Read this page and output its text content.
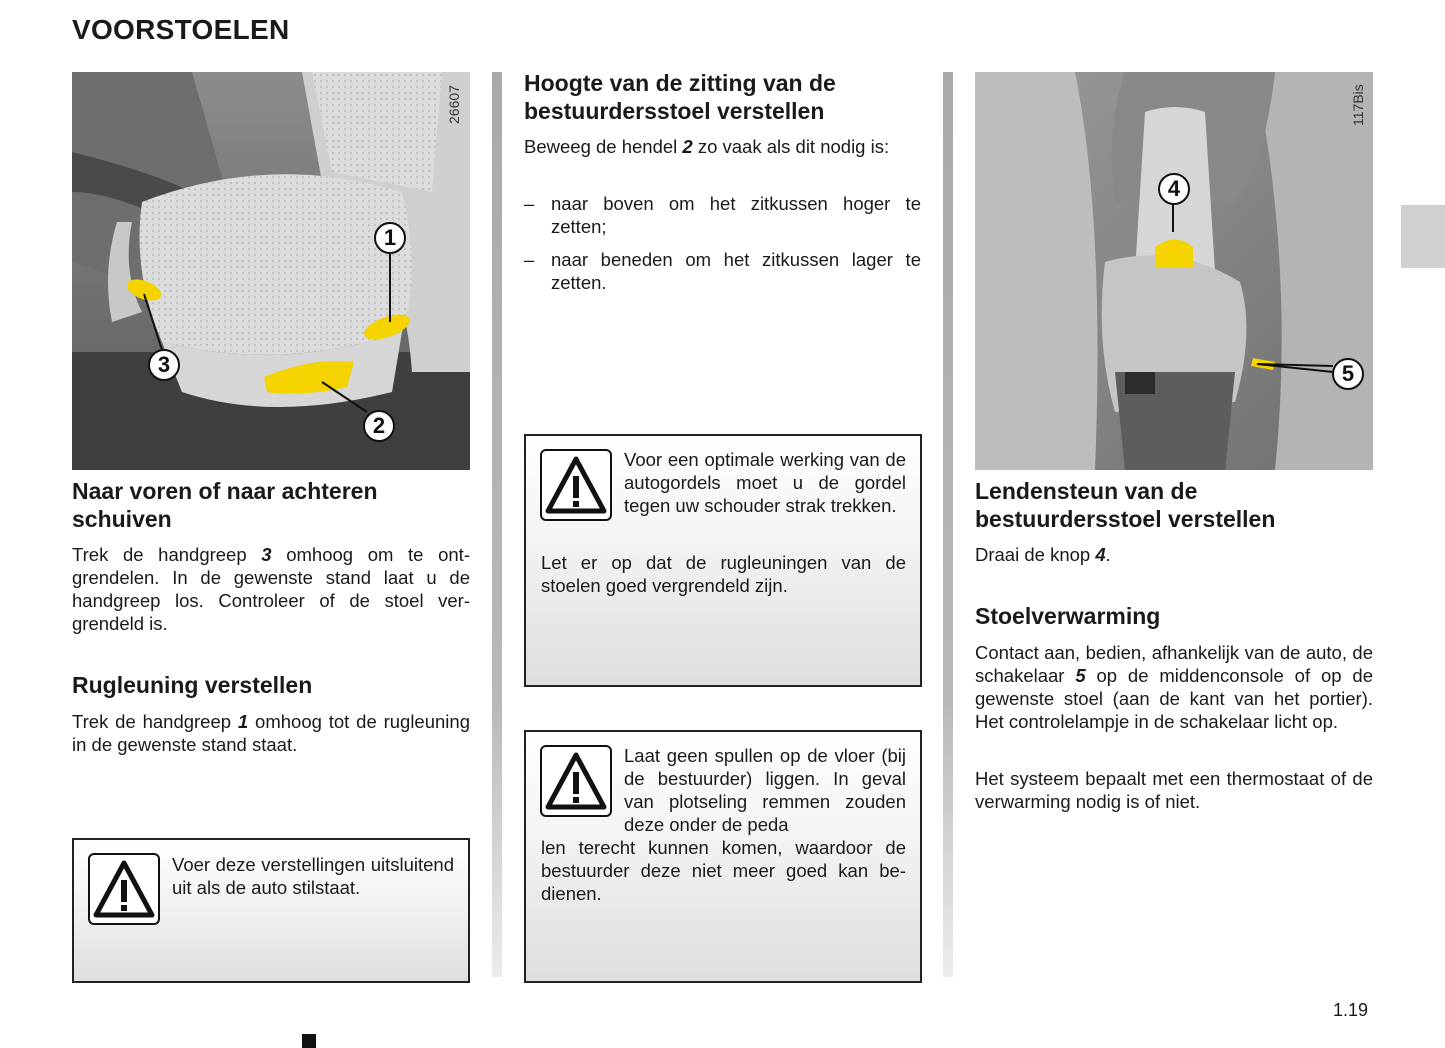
VOORSTOELEN
1
2
3
26607
Naar voren of naar achteren
schuiven
Trek de handgreep 3 omhoog om te ontgrendelen. In de gewenste stand laat u de handgreep los. Controleer of de stoel vergrendeld is.
Rugleuning verstellen
Trek de handgreep 1 omhoog tot de rugleuning in de gewenste stand staat.
Voer deze verstellingen uitsluitend uit als de auto stilstaat.
Hoogte van de zitting van de
bestuurdersstoel verstellen
Beweeg de hendel 2 zo vaak als dit nodig is:
– naar boven om het zitkussen hoger te zetten;
– naar beneden om het zitkussen lager te zetten.
Voor een optimale werking van de autogordels moet u de gordel tegen uw schouder strak trekken.
Let er op dat de rugleuningen van de stoelen goed vergrendeld zijn.
Laat geen spullen op de vloer (bij de bestuurder) liggen. In geval van plotseling remmen zouden deze onder de peda
len terecht kunnen komen, waardoor de bestuurder deze niet meer goed kan bedienen.
4
5
117Bis
Lendensteun van de
bestuurdersstoel verstellen
Draai de knop 4.
Stoelverwarming
Contact aan, bedien, afhankelijk van de auto, de schakelaar 5 op de middenconsole of op de gewenste stoel (aan de kant van het portier). Het controlelampje in de schakelaar licht op.
Het systeem bepaalt met een thermostaat of de verwarming nodig is of niet.
1.19
